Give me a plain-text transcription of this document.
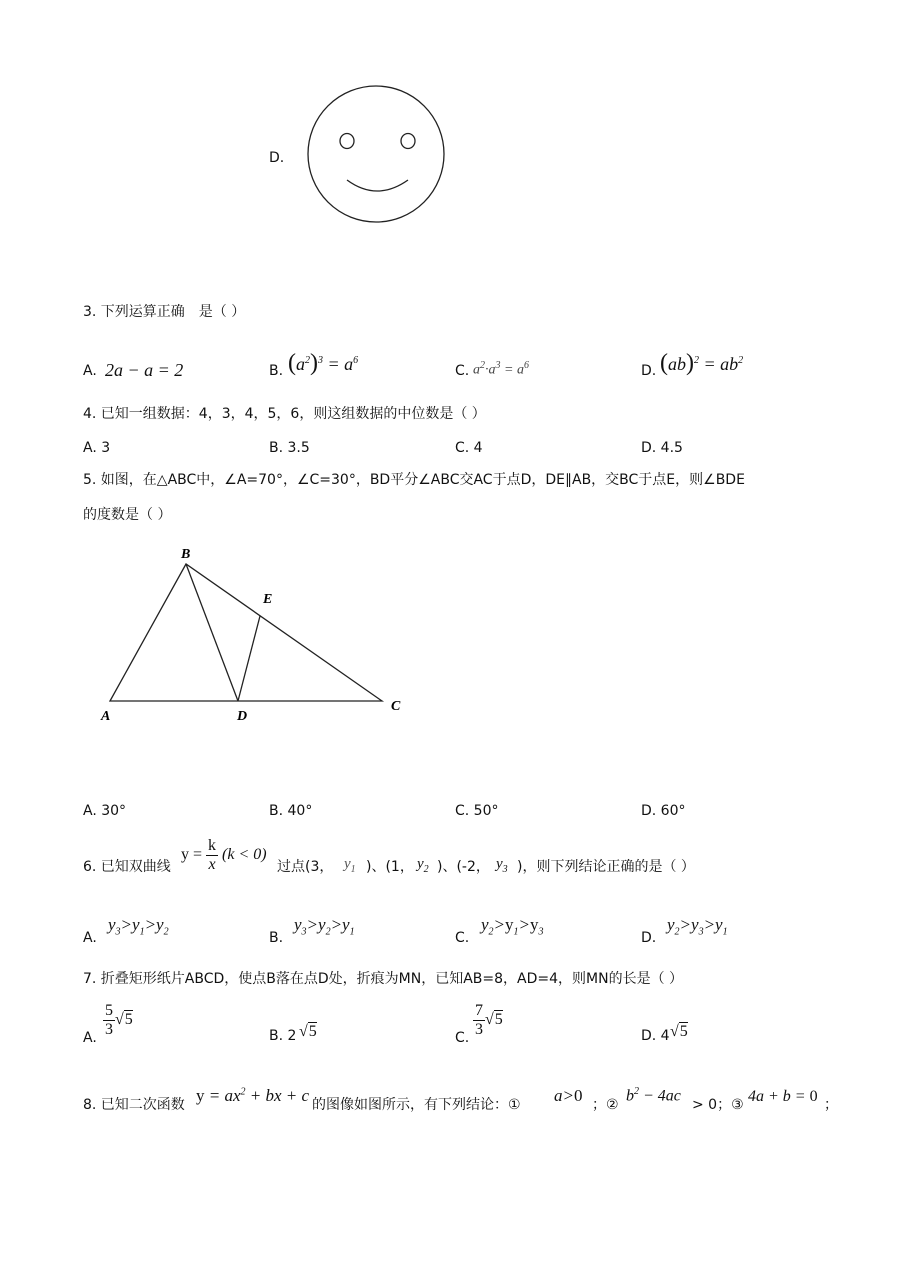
D.
3. 下列运算正确　是（ ）
A. 2a − a = 2	B. $(a^2)^3 = a^6$
C. $a^2\cdot a^3 = a^6$	D. $(ab)^2 = ab^2$
4. 已知一组数据：4，3，4，5，6，则这组数据的中位数是（ ）
A. 3	B. 3.5	C. 4	D. 4.5
5. 如图，在△ABC中，∠A=70°，∠C=30°，BD平分∠ABC交AC于点D，DE∥AB，交BC于点E，则∠BDE
的度数是（ ）
B
E
A	D
C
A. 30°	B. 40°	C. 50°	D. 60°
6. 已知双曲线
$y = \frac{k}{x} (k < 0)$
过点(3， $y_1$ )、(1， $y_2$ )、(-2， $y_3$ )，则下列结论正确的是（ ）
A.
$y_3>y_1>y_2$	B.
$y_3>y_2>y_1$	C.
$y_2>y_1>y_3$	D.
$y_2>y_3>y_1$
7. 折叠矩形纸片ABCD，使点B落在点D处，折痕为MN，已知AB=8，AD=4，则MN的长是（ ）
A. $\frac{5}{3} √5$
B. 2 √5	C. $\frac{7}{3} √5$
D. 4 √5
8. 已知二次函数 $y = ax^2$ + bx + c 的图像如图所示，有下列结论：① a>0 ；②
$b^2 - 4ac$
> 0；③ 4a + b = 0 ；
